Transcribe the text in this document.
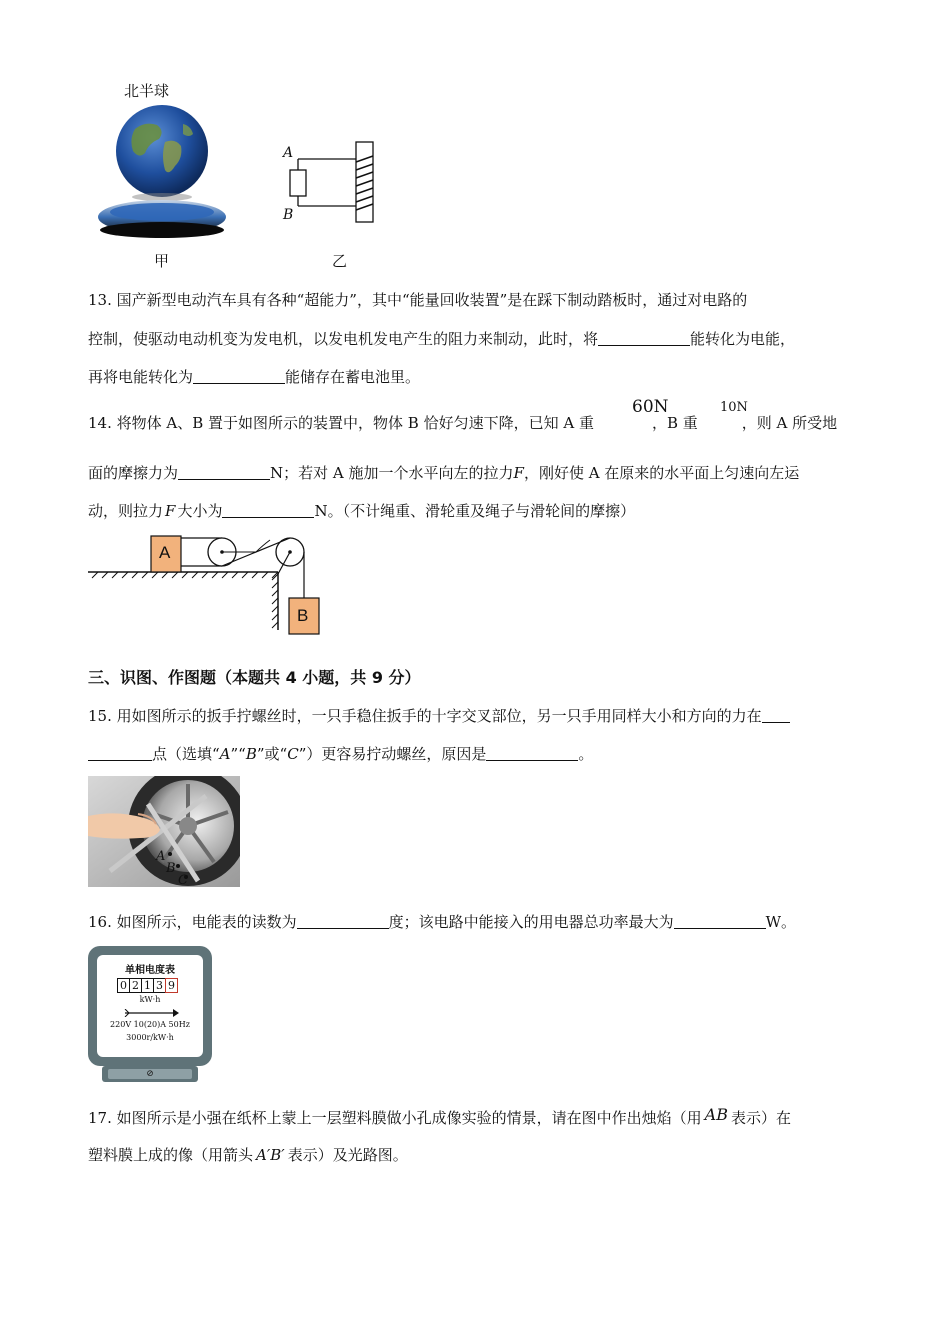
北半球
甲
A
B
乙
13. 国产新型电动汽车具有各种“超能力”，其中“能量回收装置”是在踩下制动踏板时，通过对电路的
控制，使驱动电动机变为发电机，以发电机发电产生的阻力来制动，此时，将	能转化为电能，
再将电能转化为	能储存在蓄电池里。
14. 将物体 A、B 置于如图所示的装置中，物体 B 恰好匀速下降，已知 A 重	，B 重	，则 A 所受地
60N	10N
面的摩擦力为	N；若对 A 施加一个水平向左的拉力F，刚好使 A 在原来的水平面上匀速向左运
动，则拉力 F 大小为	N。（不计绳重、滑轮重及绳子与滑轮间的摩擦）
A
B
三、识图、作图题（本题共 4 小题，共 9 分）
15. 用如图所示的扳手拧螺丝时，一只手稳住扳手的十字交叉部位，另一只手用同样大小和方向的力在
点（选填“A”“B”或“C”）更容易拧动螺丝，原因是	。
A
B
C
16. 如图所示，电能表的读数为	度；该电路中能接入的用电器总功率最大为	W。
单相电度表
0 2 1 3 9
kW·h
220V 10(20)A 50Hz
3000r/kW·h
⊘
17. 如图所示是小强在纸杯上蒙上一层塑料膜做小孔成像实验的情景，请在图中作出烛焰（用 AB 表示）在
塑料膜上成的像（用箭头 A′B′ 表示）及光路图。
